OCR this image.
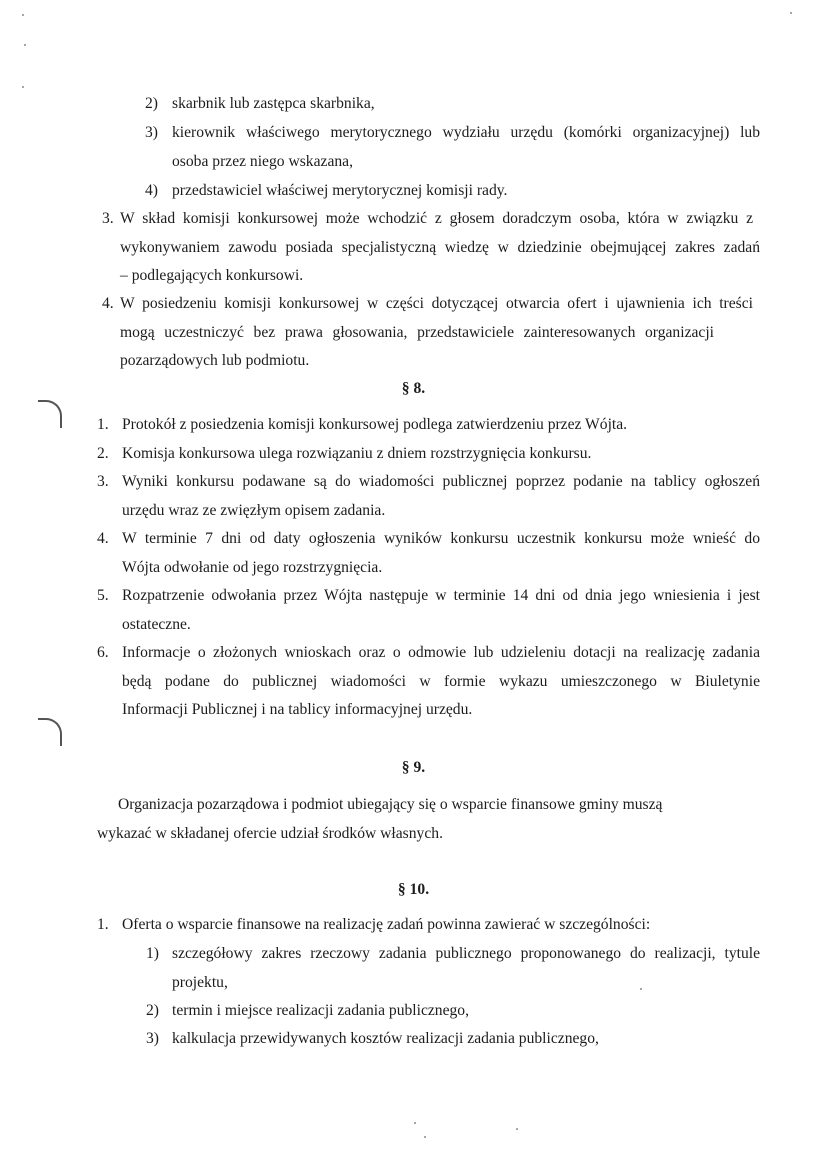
2) skarbnik lub zastępca skarbnika,
3) kierownik właściwego merytorycznego wydziału urzędu (komórki organizacyjnej) lub
osoba przez niego wskazana,
4) przedstawiciel właściwej merytorycznej komisji rady.
3. W skład komisji konkursowej może wchodzić z głosem doradczym osoba, która w związku z
wykonywaniem zawodu posiada specjalistyczną wiedzę w dziedzinie obejmującej zakres zadań
– podlegających konkursowi.
4. W posiedzeniu komisji konkursowej w części dotyczącej otwarcia ofert i ujawnienia ich treści
mogą uczestniczyć bez prawa głosowania, przedstawiciele zainteresowanych organizacji
pozarządowych lub podmiotu.
§ 8.
1. Protokół z posiedzenia komisji konkursowej podlega zatwierdzeniu przez Wójta.
2. Komisja konkursowa ulega rozwiązaniu z dniem rozstrzygnięcia konkursu.
3. Wyniki konkursu podawane są do wiadomości publicznej poprzez podanie na tablicy ogłoszeń
urzędu wraz ze zwięzłym opisem zadania.
4. W terminie 7 dni od daty ogłoszenia wyników konkursu uczestnik konkursu może wnieść do
Wójta odwołanie od jego rozstrzygnięcia.
5. Rozpatrzenie odwołania przez Wójta następuje w terminie 14 dni od dnia jego wniesienia i jest
ostateczne.
6. Informacje o złożonych wnioskach oraz o odmowie lub udzieleniu dotacji na realizację zadania
będą podane do publicznej wiadomości w formie wykazu umieszczonego w Biuletynie
Informacji Publicznej i na tablicy informacyjnej urzędu.
§ 9.
Organizacja pozarządowa i podmiot ubiegający się o wsparcie finansowe gminy muszą
wykazać w składanej ofercie udział środków własnych.
§ 10.
1. Oferta o wsparcie finansowe na realizację zadań powinna zawierać w szczególności:
1) szczegółowy zakres rzeczowy zadania publicznego proponowanego do realizacji, tytule
projektu,
2) termin i miejsce realizacji zadania publicznego,
3) kalkulacja przewidywanych kosztów realizacji zadania publicznego,
